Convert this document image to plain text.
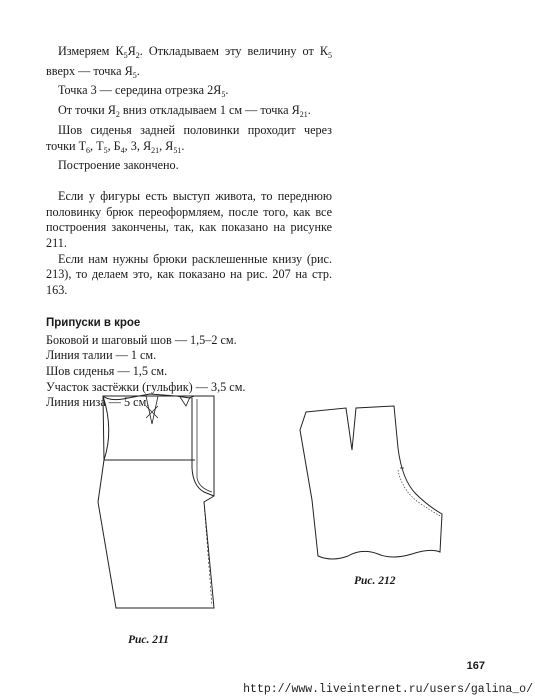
Измеряем $К_5Я_2$. Откладываем эту величину от $К_5$ вверх — точка $Я_5$.

Точка 3 — середина отрезка $2Я_5$.

От точки $Я_2$ вниз откладываем 1 см — точка $Я_{21}$.

Шов сиденья задней половинки проходит через точки $Т_6$, $Т_5$, $Б_4$, 3, $Я_{21}$, $Я_{51}$.

Построение закончено.

Если у фигуры есть выступ живота, то переднюю половинку брюк переоформляем, после того, как все построения закончены, так, как показано на рисунке 211.

Если нам нужны брюки расклешенные книзу (рис. 213), то делаем это, как показано на рис. 207 на стр. 163.

Припуски в крое

Боковой и шаговый шов — 1,5–2 см.

Линия талии — 1 см.

Шов сиденья — 1,5 см.

Участок застёжки (гульфик) — 3,5 см.

Линия низа — 5 см.

Рис. 211
Рис. 212
167
http://www.liveinternet.ru/users/galina_o/
